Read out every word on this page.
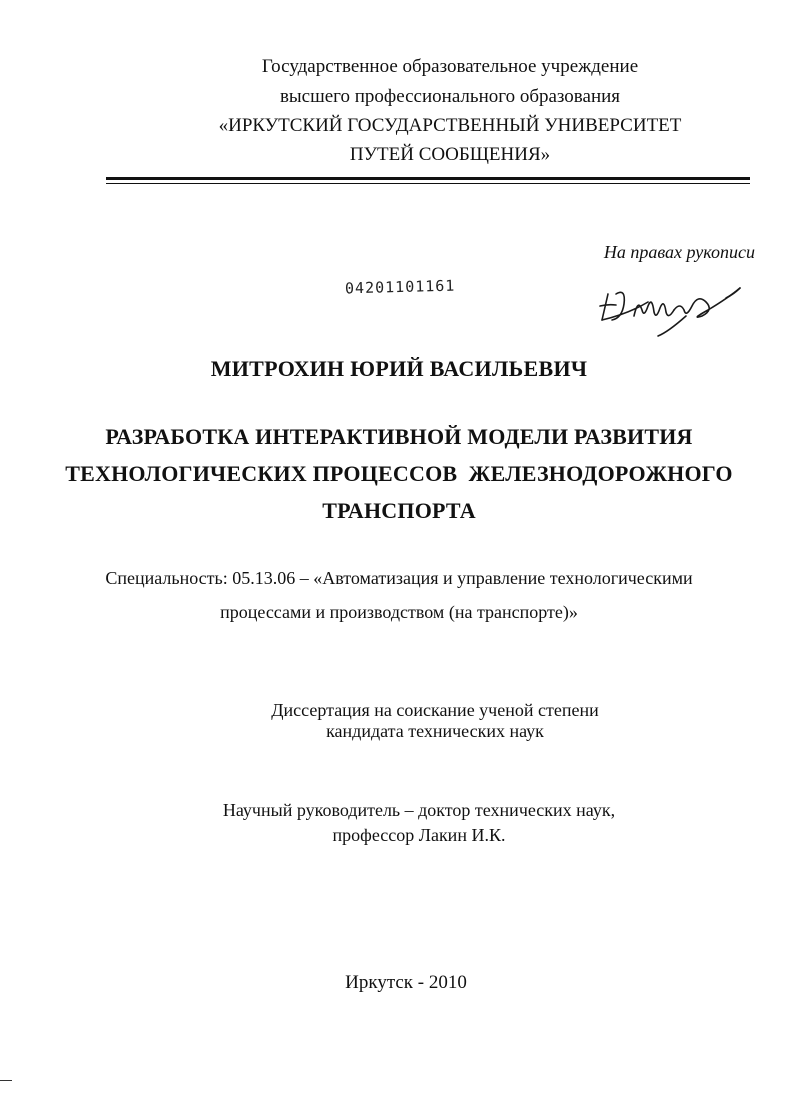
Государственное образовательное учреждение
высшего профессионального образования
«ИРКУТСКИЙ ГОСУДАРСТВЕННЫЙ УНИВЕРСИТЕТ
ПУТЕЙ СООБЩЕНИЯ»
На правах рукописи
04201101161
МИТРОХИН ЮРИЙ ВАСИЛЬЕВИЧ
РАЗРАБОТКА ИНТЕРАКТИВНОЙ МОДЕЛИ РАЗВИТИЯ
ТЕХНОЛОГИЧЕСКИХ ПРОЦЕССОВ  ЖЕЛЕЗНОДОРОЖНОГО
ТРАНСПОРТА
Специальность: 05.13.06 – «Автоматизация и управление технологическими
процессами и производством (на транспорте)»
Диссертация на соискание ученой степени
кандидата технических наук
Научный руководитель – доктор технических наук,
профессор Лакин И.К.
Иркутск - 2010
